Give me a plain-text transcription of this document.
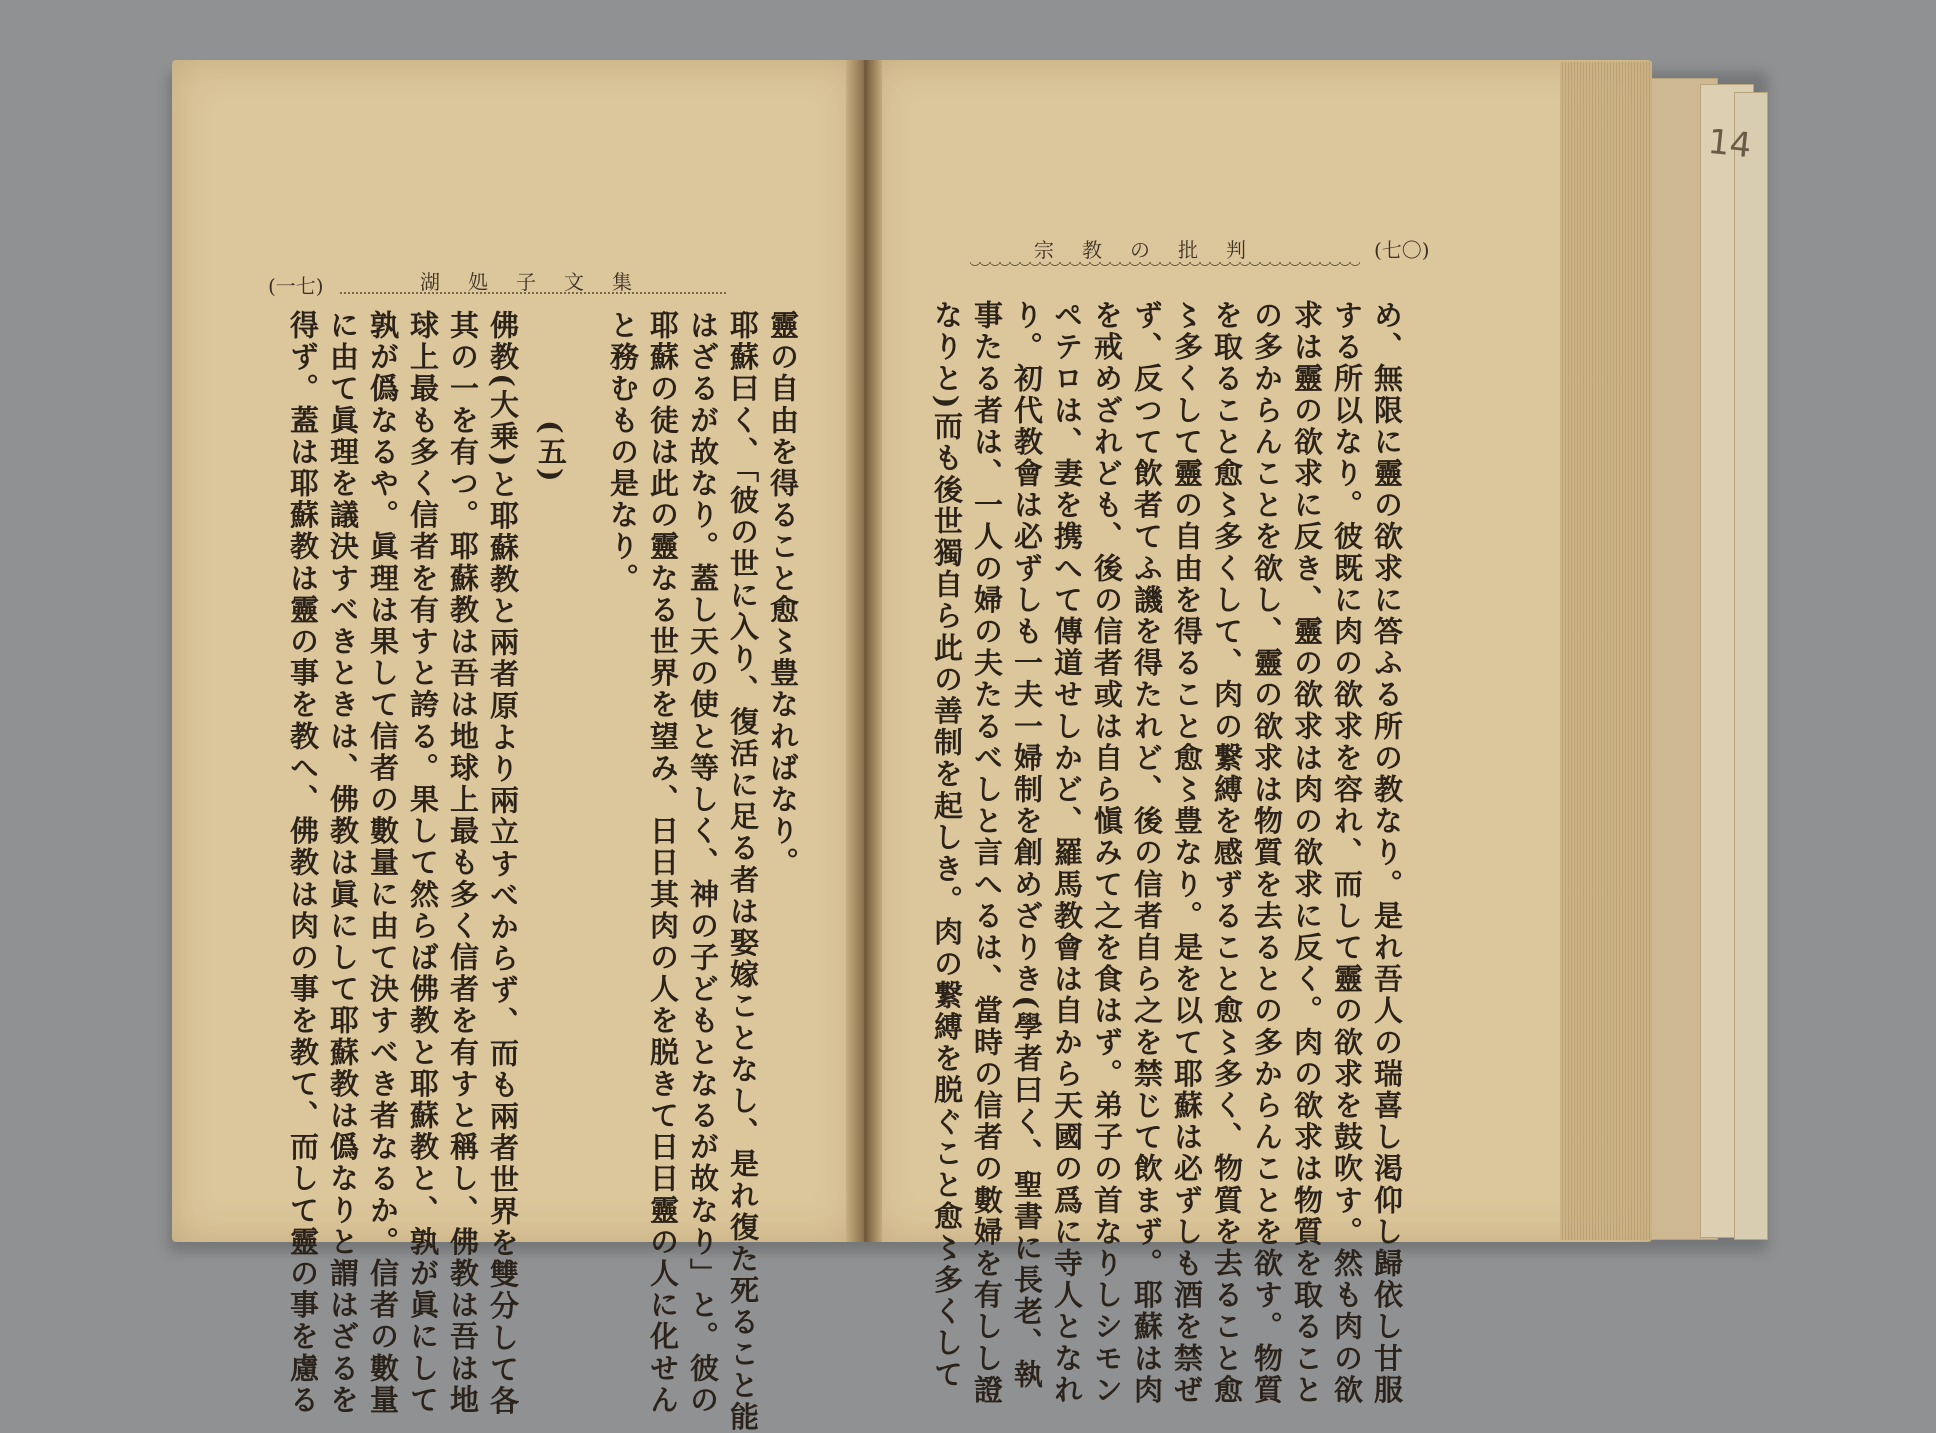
(一七)	湖処子文集
靈の自由を得ること愈〻豊なればなり。
耶蘇曰く、「彼の世に入り、復活に足る者は娶嫁ことなし、是れ復た死ること能
はざるが故なり。蓋し天の使と等しく、神の子どもとなるが故なり」と。彼の
耶蘇の徒は此の靈なる世界を望み、日日其肉の人を脱きて日日靈の人に化せん
と務むもの是なり。
(五)
佛教(大乗)と耶蘇教と兩者原より兩立すべからず、而も兩者世界を雙分して各
其の一を有つ。耶蘇教は吾は地球上最も多く信者を有すと稱し、佛教は吾は地
球上最も多く信者を有すと誇る。果して然らば佛教と耶蘇教と、孰が眞にして
孰が僞なるや。眞理は果して信者の數量に由て決すべき者なるか。信者の數量
に由て眞理を議決すべきときは、佛教は眞にして耶蘇教は僞なりと謂はざるを
得ず。蓋は耶蘇教は靈の事を教へ、佛教は肉の事を教て、而して靈の事を慮る
宗教の批判	(七〇)
め、無限に靈の欲求に答ふる所の教なり。是れ吾人の瑞喜し渇仰し歸依し甘服
する所以なり。彼既に肉の欲求を容れ、而して靈の欲求を鼓吹す。然も肉の欲
求は靈の欲求に反き、靈の欲求は肉の欲求に反く。肉の欲求は物質を取ること
の多からんことを欲し、靈の欲求は物質を去るとの多からんことを欲す。物質
を取ること愈〻多くして、肉の繋縛を感ずること愈〻多く、物質を去ること愈
〻多くして靈の自由を得ること愈〻豊なり。是を以て耶蘇は必ずしも酒を禁ぜ
ず、反つて飲者てふ譏を得たれど、後の信者自ら之を禁じて飲まず。耶蘇は肉
を戒めざれども、後の信者或は自ら愼みて之を食はず。弟子の首なりしシモン
ペテロは、妻を携へて傳道せしかど、羅馬教會は自から天國の爲に寺人となれ
り。初代教會は必ずしも一夫一婦制を創めざりき(學者曰く、聖書に長老、執
事たる者は、一人の婦の夫たるべしと言へるは、當時の信者の數婦を有しし證
なりと)而も後世獨自ら此の善制を起しき。肉の繋縛を脱ぐこと愈〻多くして
14
